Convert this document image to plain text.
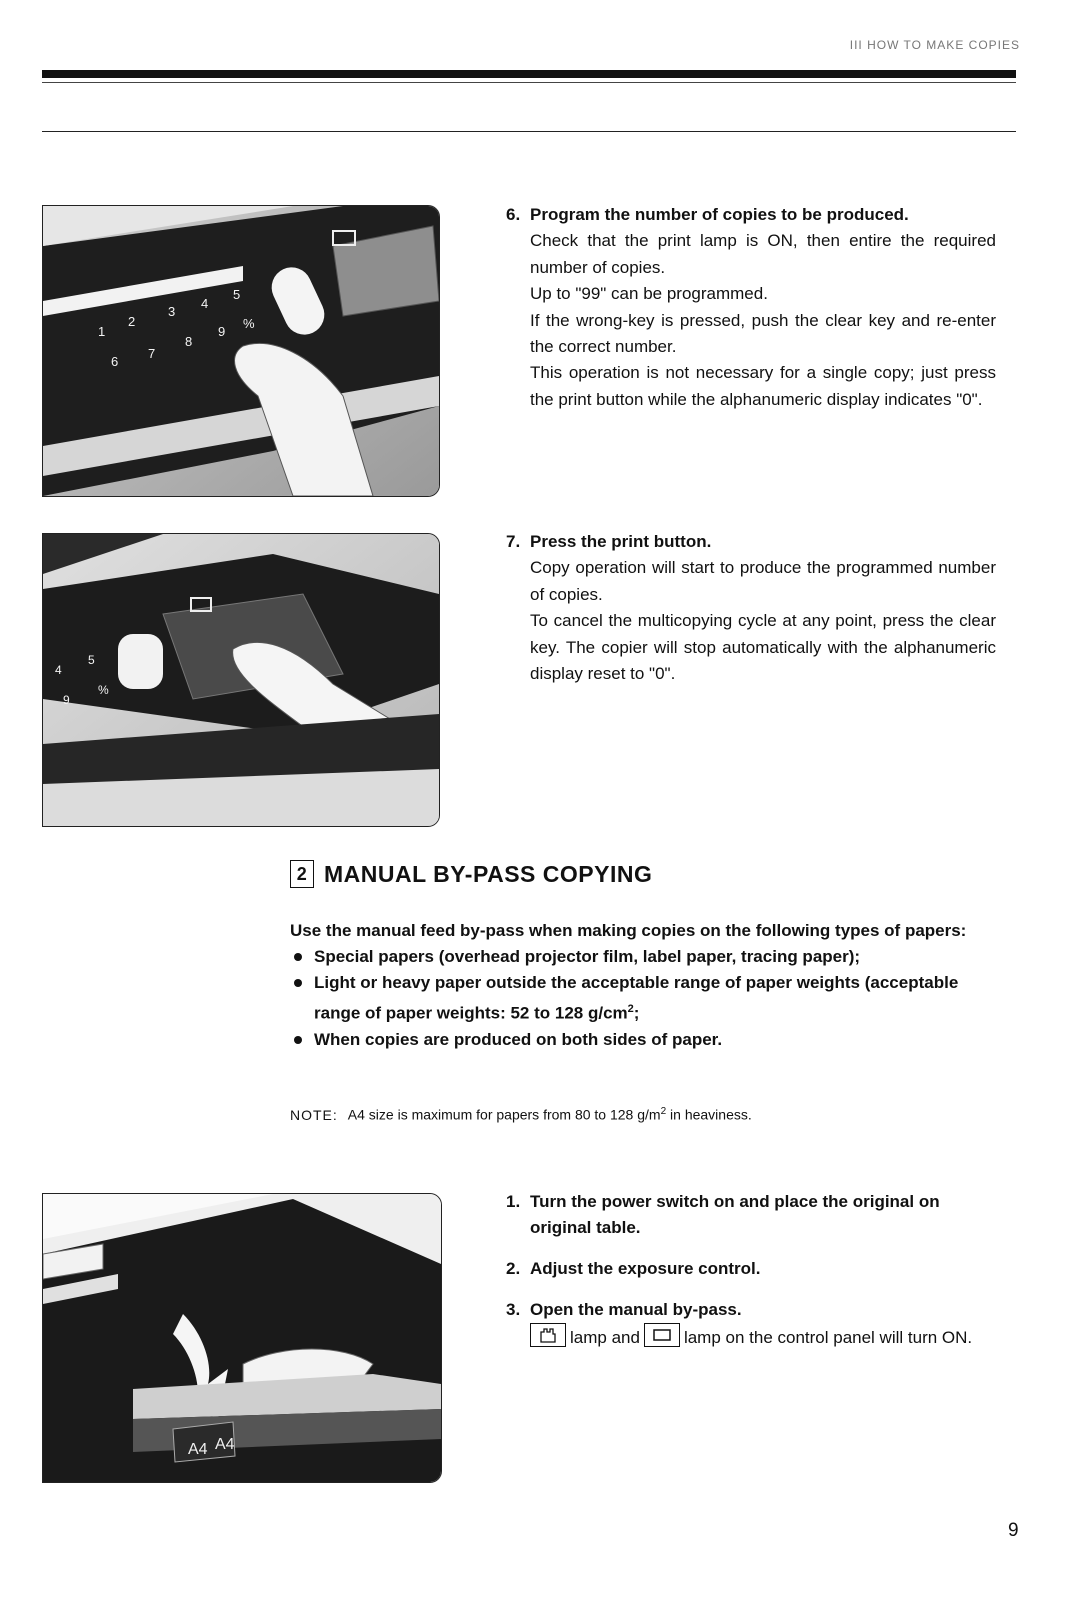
III HOW TO MAKE COPIES
1
2
3
4
5
6
7
8
9
%
6. Program the number of copies to be produced.

Check that the print lamp is ON, then entire the required number of copies.

Up to "99" can be programmed.

If the wrong-key is pressed, push the clear key and re-enter the correct number.

This operation is not necessary for a single copy; just press the print button while the alphanumeric display indicates "0".

4
5
9
%
7. Press the print button.

Copy operation will start to produce the programmed number of copies.

To cancel the multicopying cycle at any point, press the clear key. The copier will stop automatically with the alphanumeric display reset to "0".

2 MANUAL BY-PASS COPYING

Use the manual feed by-pass when making copies on the following types of papers:

Special papers (overhead projector film, label paper, tracing paper);
Light or heavy paper outside the acceptable range of paper weights (acceptable range of paper weights: 52 to 128 $g/cm^2$;
When copies are produced on both sides of paper.
NOTE: A4 size is maximum for papers from 80 to 128 $g/m^2$ in heaviness.
A4 A4
1. Turn the power switch on and place the original on original table.
2. Adjust the exposure control.
3. Open the manual by-pass.
lamp and	lamp on the control panel will turn ON.
9
